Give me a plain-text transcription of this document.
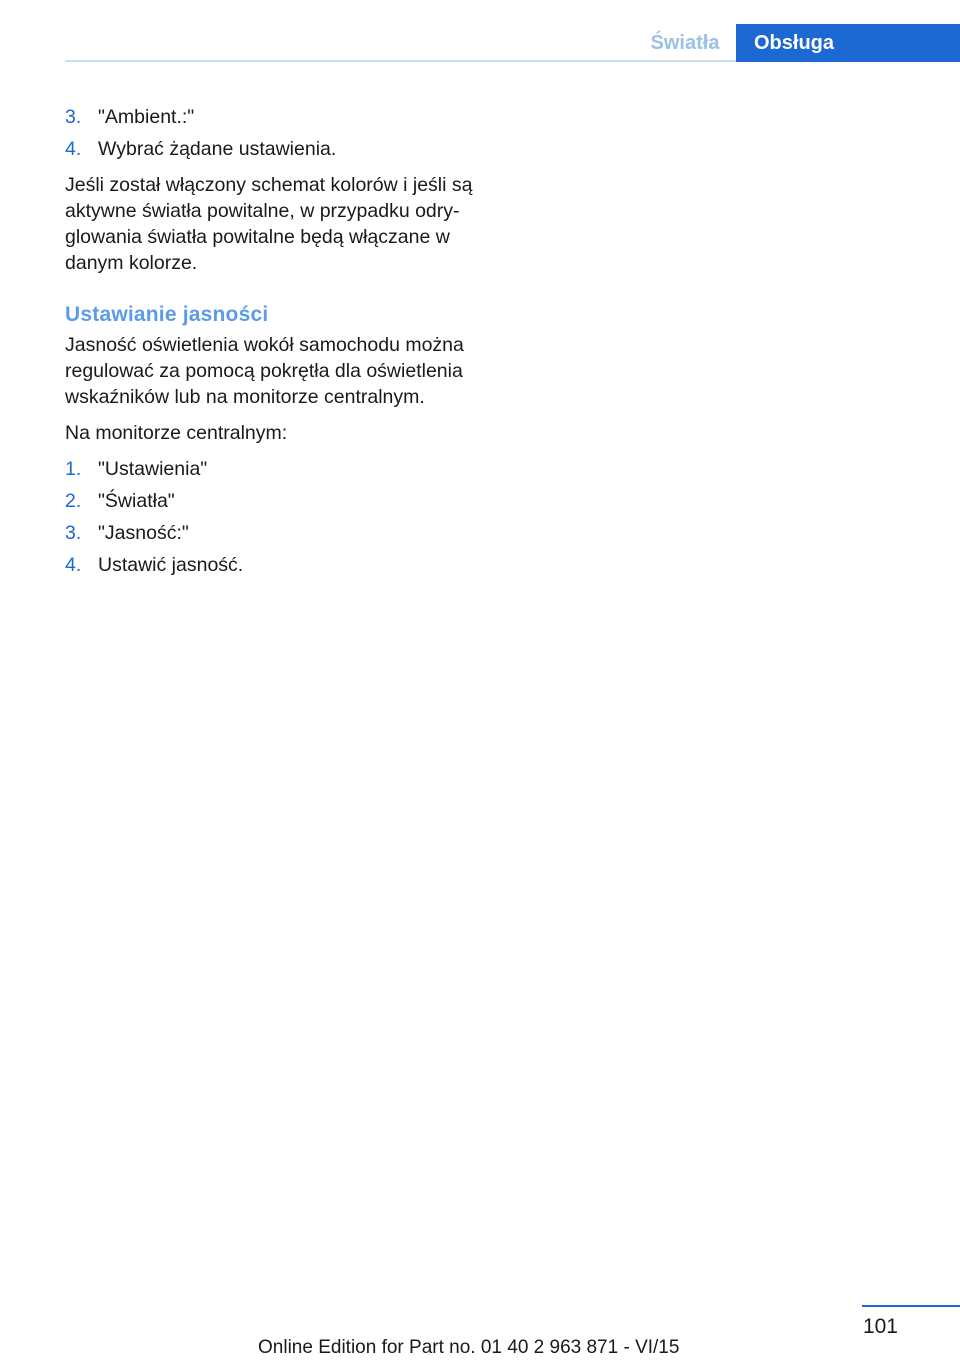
Światła	Obsługa
3. "Ambient.:"
4. Wybrać żądane ustawienia.

Jeśli został włączony schemat kolorów i jeśli są aktywne światła powitalne, w przypadku odryglowania światła powitalne będą włączane w danym kolorze.

Ustawianie jasności

Jasność oświetlenia wokół samochodu można regulować za pomocą pokrętła dla oświetlenia wskaźników lub na monitorze centralnym.

Na monitorze centralnym:

1. "Ustawienia"
2. "Światła"
3. "Jasność:"
4. Ustawić jasność.
101
Online Edition for Part no. 01 40 2 963 871 - VI/15
